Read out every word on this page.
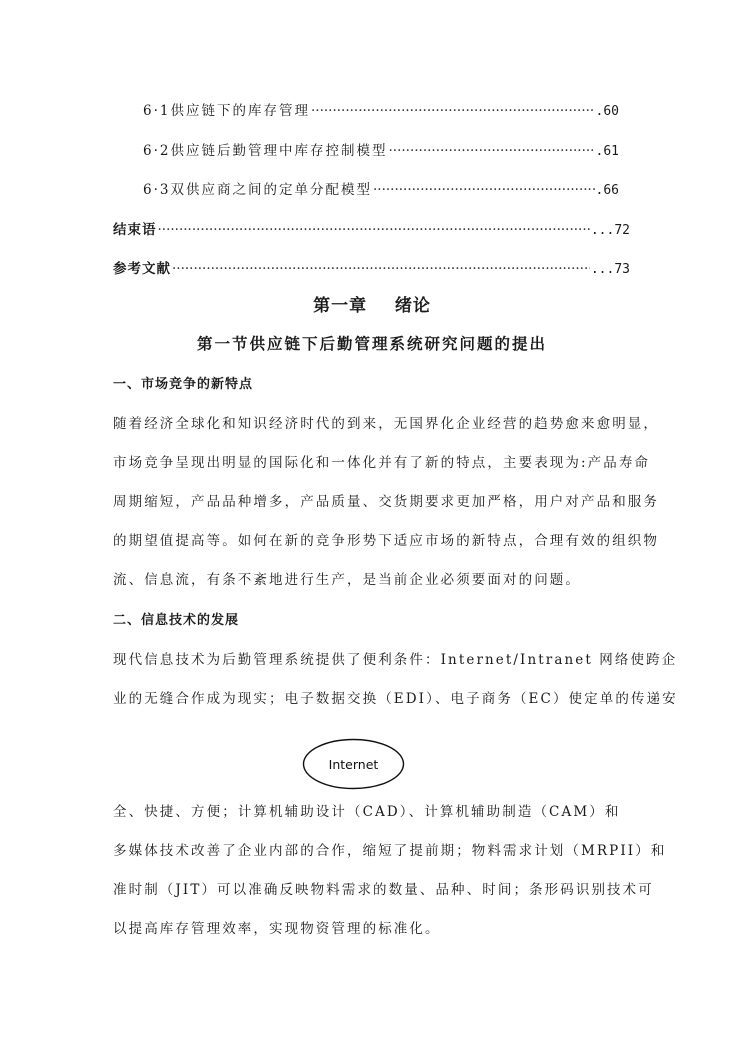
6·1供应链下的库存管理 ·····	.60
6·2供应链后勤管理中库存控制模型 ·····	.61
6·3双供应商之间的定单分配模型 ·····	.66
结束语 ·····	...72
参考文献 ·····	...73
第一章    绪论
第一节供应链下后勤管理系统研究问题的提出
一、市场竞争的新特点
随着经济全球化和知识经济时代的到来，无国界化企业经营的趋势愈来愈明显，
市场竞争呈现出明显的国际化和一体化并有了新的特点，主要表现为:产品寿命
周期缩短，产品品种增多，产品质量、交货期要求更加严格，用户对产品和服务
的期望值提高等。如何在新的竞争形势下适应市场的新特点，合理有效的组织物
流、信息流，有条不紊地进行生产，是当前企业必须要面对的问题。
二、信息技术的发展
现代信息技术为后勤管理系统提供了便利条件：Internet/Intranet 网络使跨企
业的无缝合作成为现实；电子数据交换（EDI）、电子商务（EC）使定单的传递安
Internet
全、快捷、方便；计算机辅助设计（CAD）、计算机辅助制造（CAM）和
多媒体技术改善了企业内部的合作，缩短了提前期；物料需求计划（MRPII）和
准时制（JIT）可以准确反映物料需求的数量、品种、时间；条形码识别技术可
以提高库存管理效率，实现物资管理的标准化。
